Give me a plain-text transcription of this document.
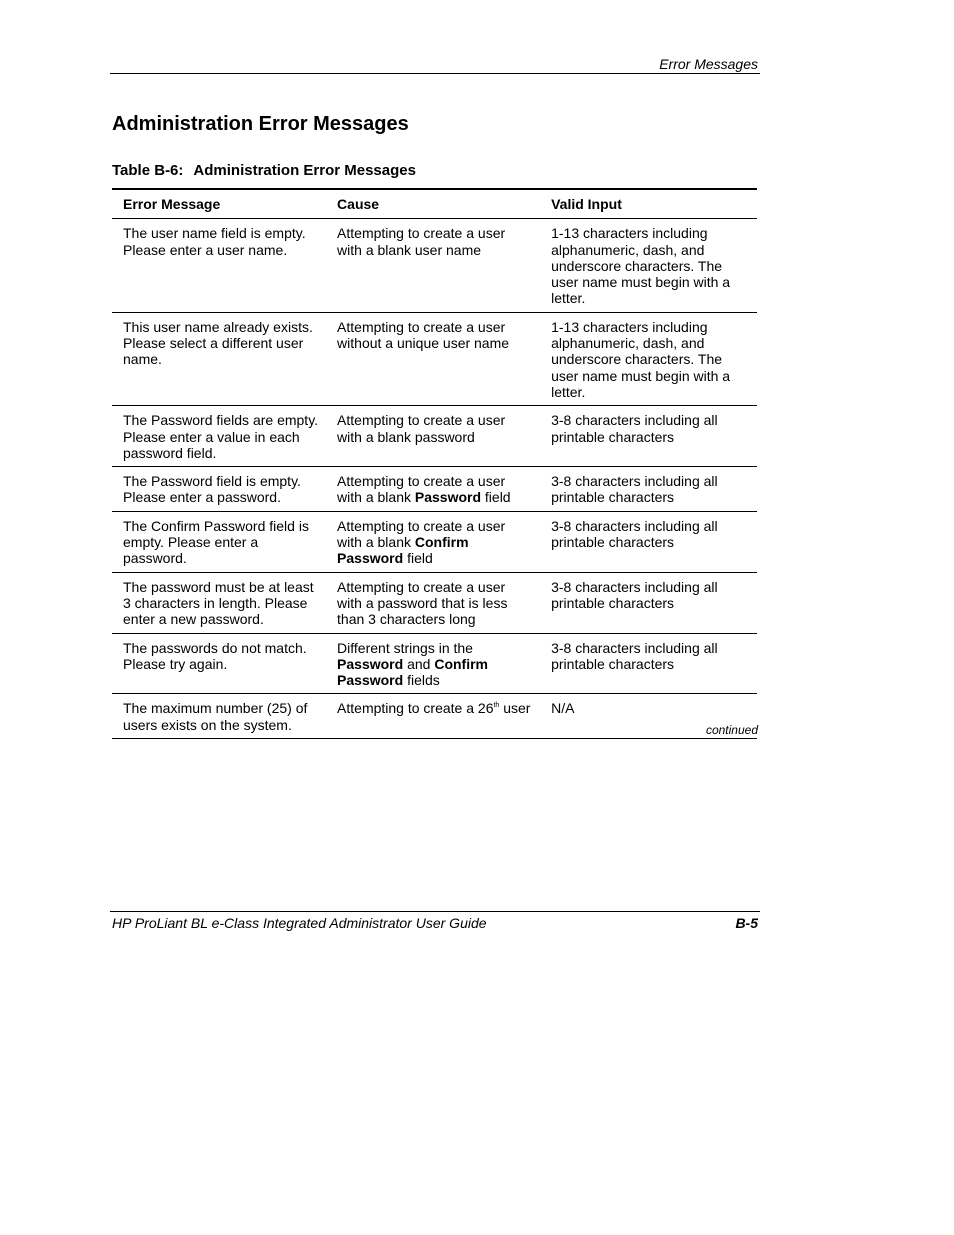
Error Messages
Administration Error Messages

Table B-6: Administration Error Messages

Error Message	Cause	Valid Input
The user name field is empty. Please enter a user name.	Attempting to create a user with a blank user name	1-13 characters including alphanumeric, dash, and underscore characters. The user name must begin with a letter.
This user name already exists. Please select a different user name.	Attempting to create a user without a unique user name	1-13 characters including alphanumeric, dash, and underscore characters. The user name must begin with a letter.
The Password fields are empty. Please enter a value in each password field.	Attempting to create a user with a blank password	3-8 characters including all printable characters
The Password field is empty. Please enter a password.	Attempting to create a user with a blank Password field	3-8 characters including all printable characters
The Confirm Password field is empty. Please enter a password.	Attempting to create a user with a blank Confirm Password field	3-8 characters including all printable characters
The password must be at least 3 characters in length. Please enter a new password.	Attempting to create a user with a password that is less than 3 characters long	3-8 characters including all printable characters
The passwords do not match. Please try again.	Different strings in the Password and Confirm Password fields	3-8 characters including all printable characters
The maximum number (25) of users exists on the system.	Attempting to create a 26th user	N/A
continued
HP ProLiant BL e-Class Integrated Administrator User Guide	B-5
